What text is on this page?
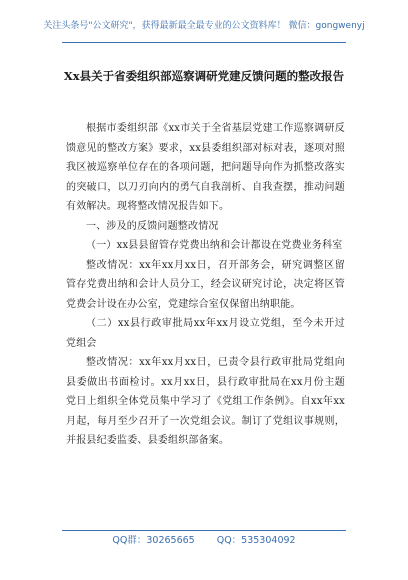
关注头条号"公文研究"，获得最新最全最专业的公文资料库！ 微信：gongwenyj
Xx县关于省委组织部巡察调研党建反馈问题的整改报告

根据市委组织部《xx市关于全省基层党建工作巡察调研反馈意见的整改方案》要求，xx县委组织部对标对表，逐项对照我区被巡察单位存在的各项问题，把问题导向作为抓整改落实的突破口，以刀刃向内的勇气自我剖析、自我查摆，推动问题有效解决。现将整改情况报告如下。

一、涉及的反馈问题整改情况

（一）xx县县留管存党费出纳和会计都设在党费业务科室

整改情况：xx年xx月xx日，召开部务会，研究调整区留管存党费出纳和会计人员分工，经会议研究讨论，决定将区管党费会计设在办公室，党建综合室仅保留出纳职能。

（二）xx县行政审批局xx年xx月设立党组，至今未开过党组会

整改情况：xx年xx月xx日，已责令县行政审批局党组向县委做出书面检讨。xx月xx日，县行政审批局在xx月份主题党日上组织全体党员集中学习了《党组工作条例》。自xx年xx月起，每月至少召开了一次党组会议。制订了党组议事规则，并报县纪委监委、县委组织部备案。

QQ群：30265665 QQ：535304092
